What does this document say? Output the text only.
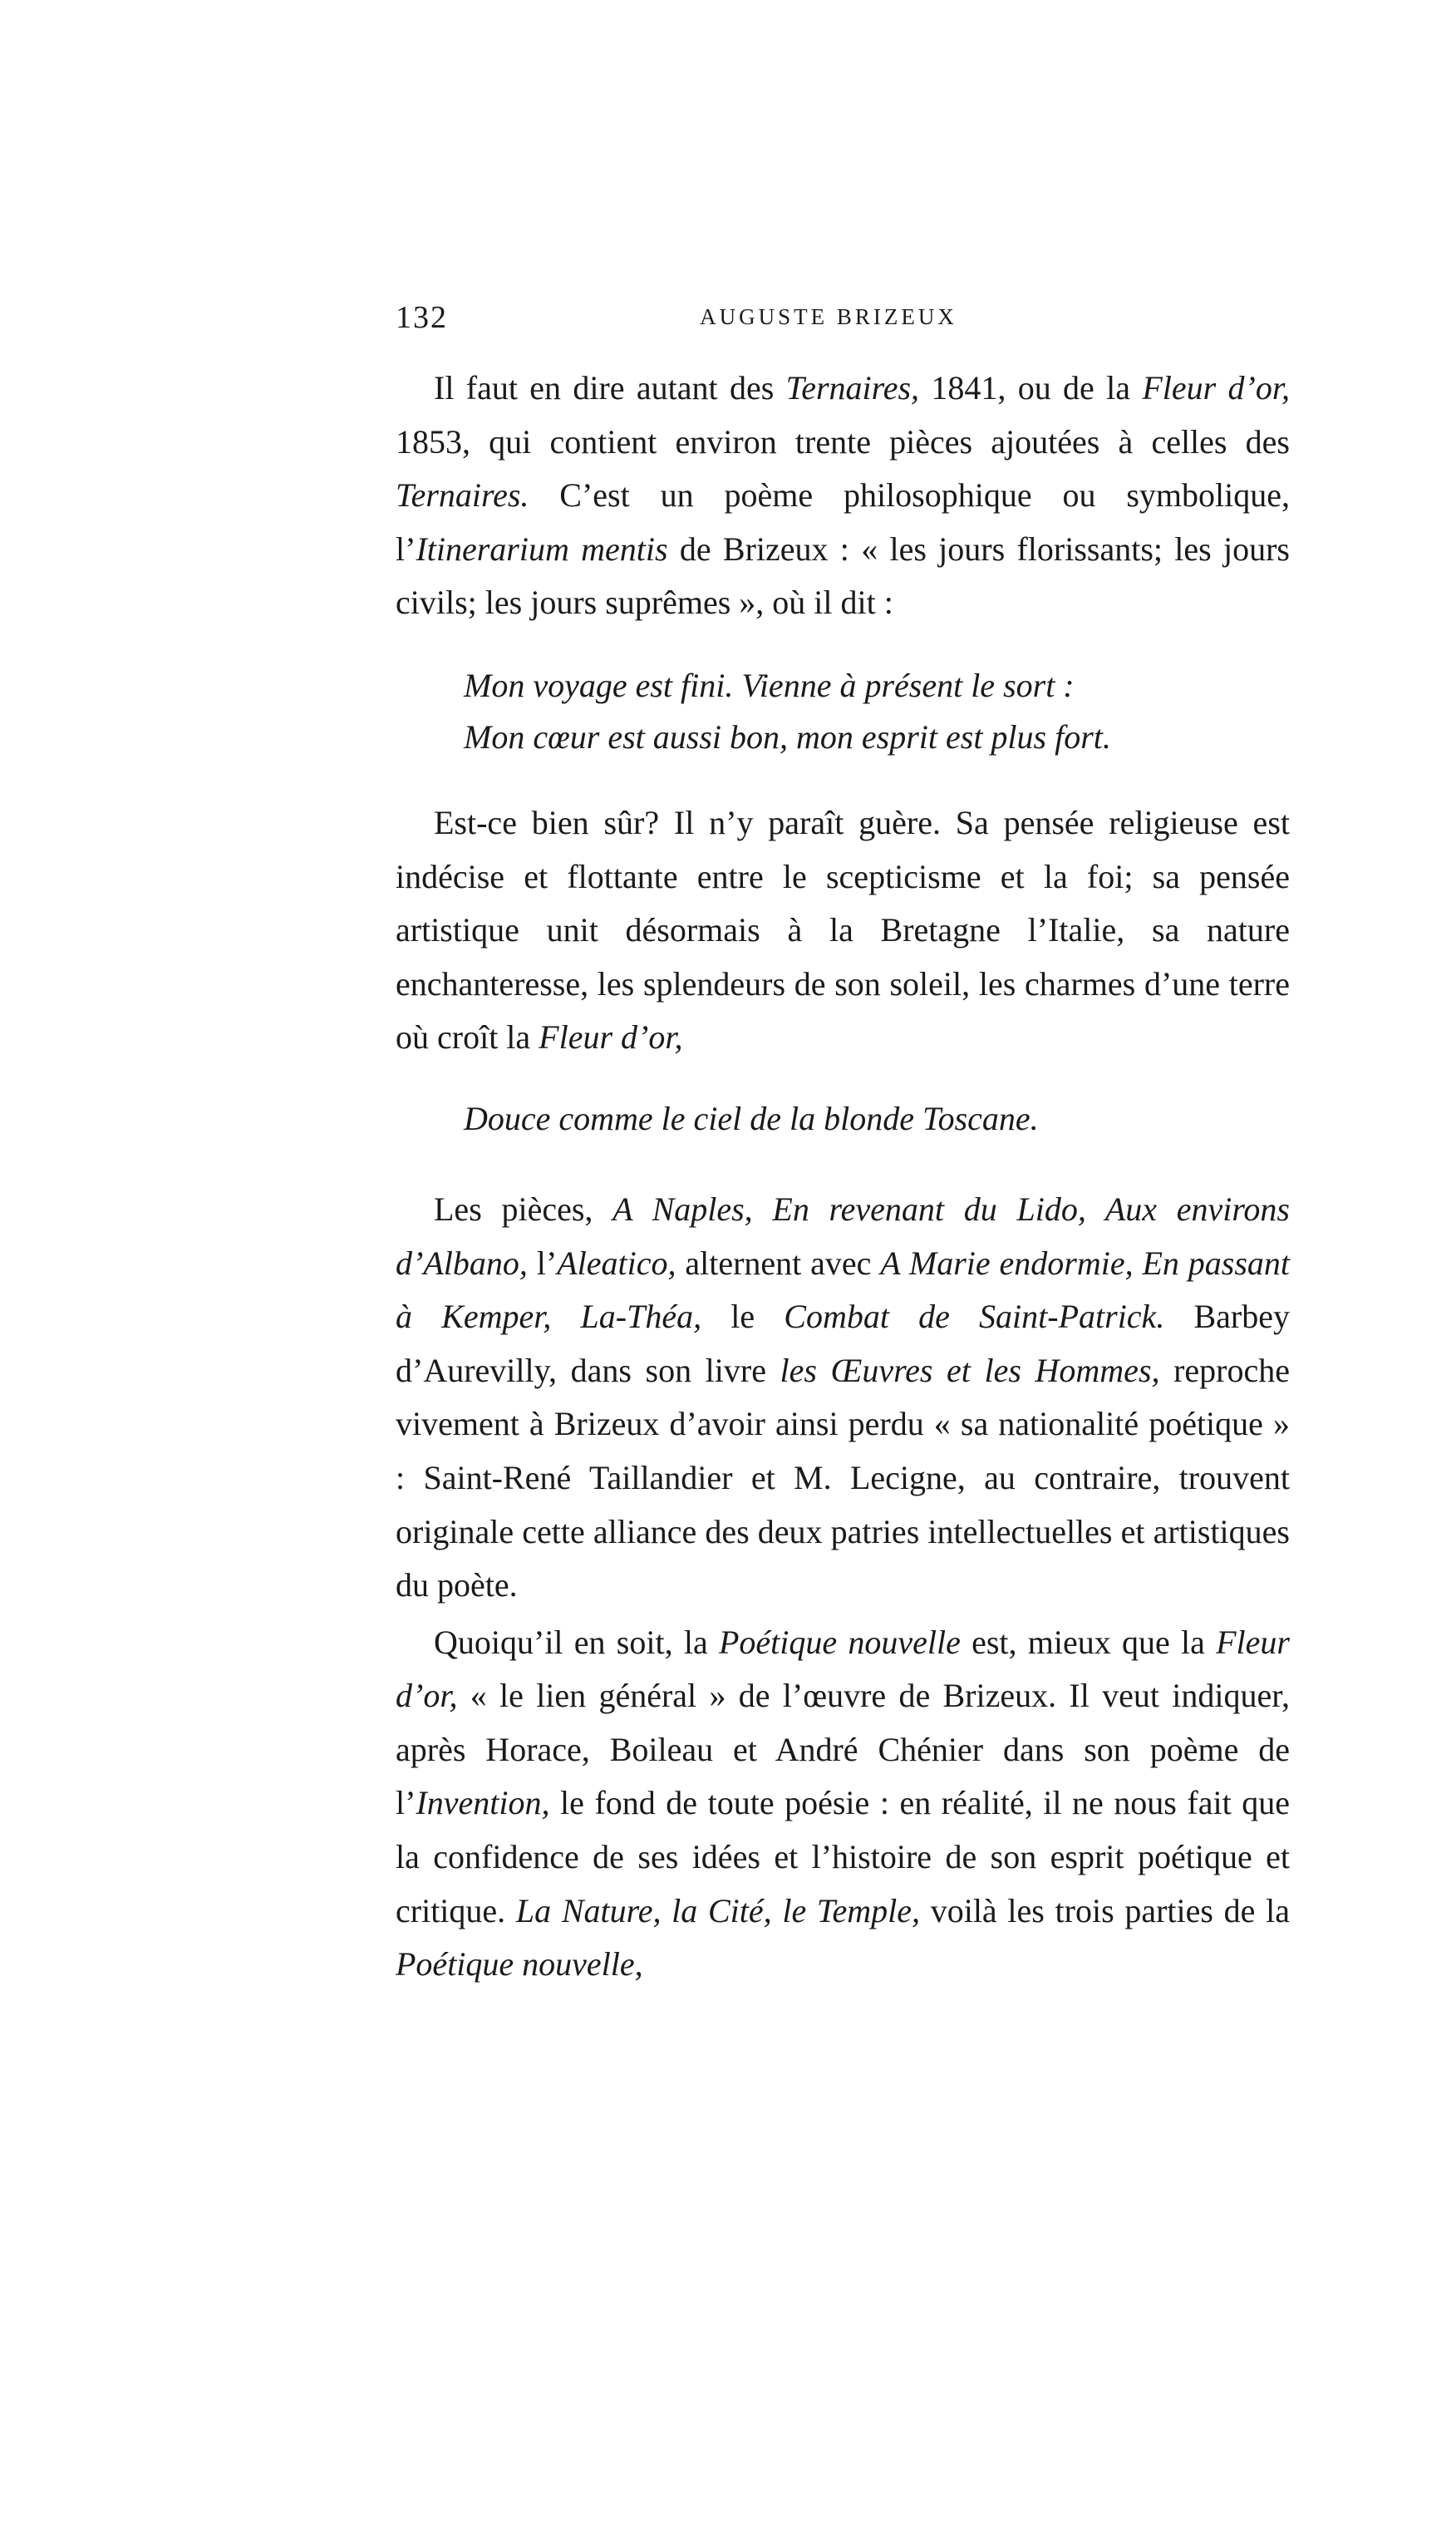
132	AUGUSTE BRIZEUX

Il faut en dire autant des Ternaires, 1841, ou de la Fleur d’or, 1853, qui contient environ trente pièces ajoutées à celles des Ternaires. C’est un poème philosophique ou symbolique, l’Itinerarium mentis de Brizeux : « les jours florissants; les jours civils; les jours suprêmes », où il dit :

Mon voyage est fini. Vienne à présent le sort :
Mon cœur est aussi bon, mon esprit est plus fort.

Est-ce bien sûr? Il n’y paraît guère. Sa pensée religieuse est indécise et flottante entre le scepticisme et la foi; sa pensée artistique unit désormais à la Bretagne l’Italie, sa nature enchanteresse, les splendeurs de son soleil, les charmes d’une terre où croît la Fleur d’or,

Douce comme le ciel de la blonde Toscane.

Les pièces, A Naples, En revenant du Lido, Aux environs d’Albano, l’Aleatico, alternent avec A Marie endormie, En passant à Kemper, La-Théa, le Combat de Saint-Patrick. Barbey d’Aurevilly, dans son livre les Œuvres et les Hommes, reproche vivement à Brizeux d’avoir ainsi perdu « sa nationalité poétique » : Saint-René Taillandier et M. Lecigne, au contraire, trouvent originale cette alliance des deux patries intellectuelles et artistiques du poète.

Quoiqu’il en soit, la Poétique nouvelle est, mieux que la Fleur d’or, « le lien général » de l’œuvre de Brizeux. Il veut indiquer, après Horace, Boileau et André Chénier dans son poème de l’Invention, le fond de toute poésie : en réalité, il ne nous fait que la confidence de ses idées et l’histoire de son esprit poétique et critique. La Nature, la Cité, le Temple, voilà les trois parties de la Poétique nouvelle,
